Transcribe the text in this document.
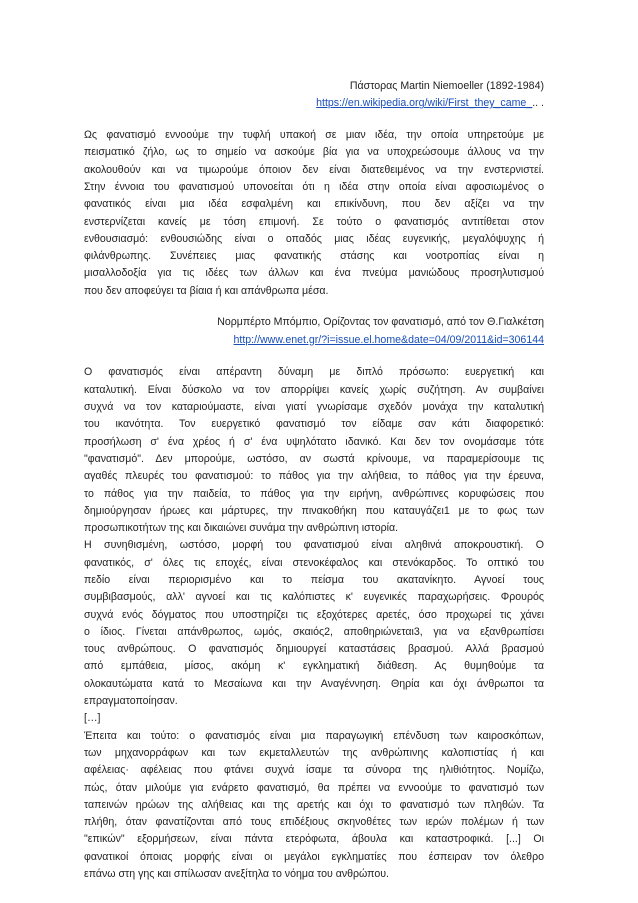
Πάστορας Martin Niemoeller (1892-1984)
https://en.wikipedia.org/wiki/First_they_came_.. .
Ως φανατισμό εννοούμε την τυφλή υπακοή σε μιαν ιδέα, την οποία υπηρετούμε με
πεισματικό ζήλο, ως το σημείο να ασκούμε βία για να υποχρεώσουμε άλλους να την
ακολουθούν και να τιμωρούμε όποιον δεν είναι διατεθειμένος να την ενστερνιστεί.
Στην έννοια του φανατισμού υπονοείται ότι η ιδέα στην οποία είναι αφοσιωμένος ο
φανατικός είναι μια ιδέα εσφαλμένη και επικίνδυνη, που δεν αξίζει να την
ενστερνίζεται κανείς με τόση επιμονή. Σε τούτο ο φανατισμός αντιτίθεται στον
ενθουσιασμό: ενθουσιώδης είναι ο οπαδός μιας ιδέας ευγενικής, μεγαλόψυχης ή
φιλάνθρωπης. Συνέπειες μιας φανατικής στάσης και νοοτροπίας είναι η
μισαλλοδοξία για τις ιδέες των άλλων και ένα πνεύμα μανιώδους προσηλυτισμού
που δεν αποφεύγει τα βίαια ή και απάνθρωπα μέσα.
Νορμπέρτο Μπόμπιο, Ορίζοντας τον φανατισμό, από τον Θ.Γιαλκέτση
http://www.enet.gr/?i=issue.el.home&date=04/09/2011&id=306144
Ο φανατισμός είναι απέραντη δύναμη με διπλό πρόσωπο: ευεργετική και
καταλυτική. Είναι δύσκολο να τον απορρίψει κανείς χωρίς συζήτηση. Αν συμβαίνει
συχνά να τον καταριούμαστε, είναι γιατί γνωρίσαμε σχεδόν μονάχα την καταλυτική
του ικανότητα. Τον ευεργετικό φανατισμό τον είδαμε σαν κάτι διαφορετικό:
προσήλωση σ' ένα χρέος ή σ' ένα υψηλότατο ιδανικό. Και δεν τον ονομάσαμε τότε
"φανατισμό". Δεν μπορούμε, ωστόσο, αν σωστά κρίνουμε, να παραμερίσουμε τις
αγαθές πλευρές του φανατισμού: το πάθος για την αλήθεια, το πάθος για την έρευνα,
το πάθος για την παιδεία, το πάθος για την ειρήνη, ανθρώπινες κορυφώσεις που
δημιούργησαν ήρωες και μάρτυρες, την πινακοθήκη που καταυγάζει1 με το φως των
προσωπικοτήτων της και δικαιώνει συνάμα την ανθρώπινη ιστορία.
Η συνηθισμένη, ωστόσο, μορφή του φανατισμού είναι αληθινά αποκρουστική. Ο
φανατικός, σ' όλες τις εποχές, είναι στενοκέφαλος και στενόκαρδος. Το οπτικό του
πεδίο είναι περιορισμένο και το πείσμα του ακατανίκητο. Αγνοεί τους
συμβιβασμούς, αλλ' αγνοεί και τις καλόπιστες κ' ευγενικές παραχωρήσεις. Φρουρός
συχνά ενός δόγματος που υποστηρίζει τις εξοχότερες αρετές, όσο προχωρεί τις χάνει
ο ίδιος. Γίνεται απάνθρωπος, ωμός, σκαιός2, αποθηριώνεται3, για να εξανθρωπίσει
τους ανθρώπους. Ο φανατισμός δημιουργεί καταστάσεις βρασμού. Αλλά βρασμού
από εμπάθεια, μίσος, ακόμη κ' εγκληματική διάθεση. Ας θυμηθούμε τα
ολοκαυτώματα κατά το Μεσαίωνα και την Αναγέννηση. Θηρία και όχι άνθρωποι τα
επραγματοποίησαν.
[…]
Έπειτα και τούτο: ο φανατισμός είναι μια παραγωγική επένδυση των καιροσκόπων,
των μηχανορράφων και των εκμεταλλευτών της ανθρώπινης καλοπιστίας ή και
αφέλειας· αφέλειας που φτάνει συχνά ίσαμε τα σύνορα της ηλιθιότητος. Νομίζω,
πώς, όταν μιλούμε για ενάρετο φανατισμό, θα πρέπει να εννοούμε το φανατισμό των
ταπεινών ηρώων της αλήθειας και της αρετής και όχι το φανατισμό των πληθών. Τα
πλήθη, όταν φανατίζονται από τους επιδέξιους σκηνοθέτες των ιερών πολέμων ή των
"επικών" εξορμήσεων, είναι πάντα ετερόφωτα, άβουλα και καταστροφικά. [...] Οι
φανατικοί όποιας μορφής είναι οι μεγάλοι εγκληματίες που έσπειραν τον όλεθρο
επάνω στη γης και σπίλωσαν ανεξίτηλα το νόημα του ανθρώπου.
